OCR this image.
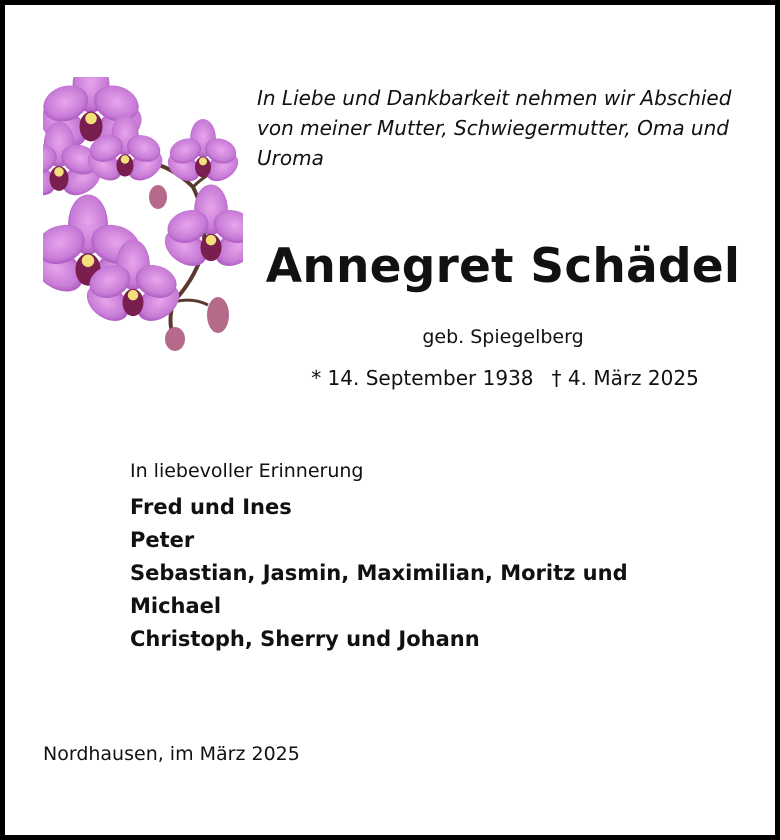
In Liebe und Dankbarkeit nehmen wir Abschied
von meiner Mutter, Schwiegermutter, Oma und
Uroma
Annegret Schädel
geb. Spiegelberg
* 14. September 1938 † 4. März 2025
In liebevoller Erinnerung
Fred und Ines
Peter
Sebastian, Jasmin, Maximilian, Moritz und
Michael
Christoph, Sherry und Johann
Nordhausen, im März 2025
